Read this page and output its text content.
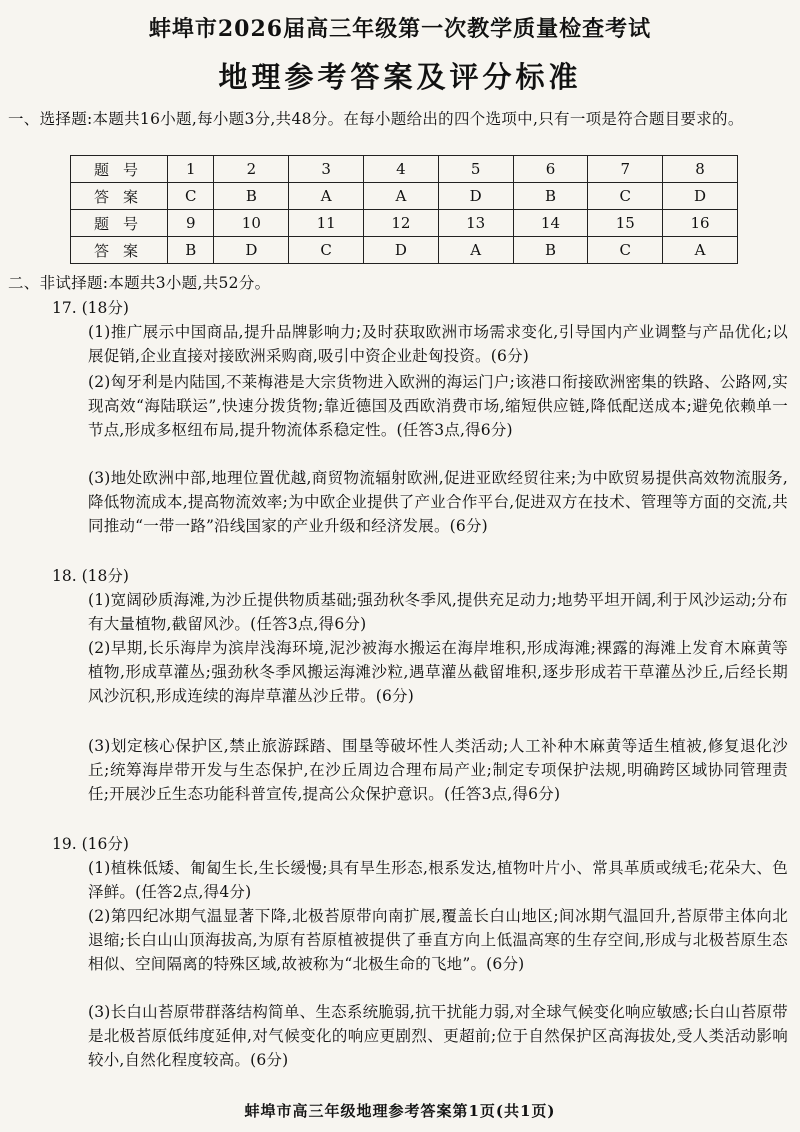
蚌埠市2026届高三年级第一次教学质量检查考试
地理参考答案及评分标准
一、选择题:本题共16小题,每小题3分,共48分。在每小题给出的四个选项中,只有一项是符合题目要求的。
题号	1	2	3	4	5	6	7	8
答案	C	B	A	A	D	B	C	D
题号	9	10	11	12	13	14	15	16
答案	B	D	C	D	A	B	C	A
二、非试择题:本题共3小题,共52分。
17. (18分)
(1)推广展示中国商品,提升品牌影响力;及时获取欧洲市场需求变化,引导国内产业调整与产品优化;以展促销,企业直接对接欧洲采购商,吸引中资企业赴匈投资。(6分)
(2)匈牙利是内陆国,不莱梅港是大宗货物进入欧洲的海运门户;该港口衔接欧洲密集的铁路、公路网,实现高效“海陆联运”,快速分拨货物;靠近德国及西欧消费市场,缩短供应链,降低配送成本;避免依赖单一节点,形成多枢纽布局,提升物流体系稳定性。(任答3点,得6分)
(3)地处欧洲中部,地理位置优越,商贸物流辐射欧洲,促进亚欧经贸往来;为中欧贸易提供高效物流服务,降低物流成本,提高物流效率;为中欧企业提供了产业合作平台,促进双方在技术、管理等方面的交流,共同推动“一带一路”沿线国家的产业升级和经济发展。(6分)
18. (18分)
(1)宽阔砂质海滩,为沙丘提供物质基础;强劲秋冬季风,提供充足动力;地势平坦开阔,利于风沙运动;分布有大量植物,截留风沙。(任答3点,得6分)
(2)早期,长乐海岸为滨岸浅海环境,泥沙被海水搬运在海岸堆积,形成海滩;裸露的海滩上发育木麻黄等植物,形成草灌丛;强劲秋冬季风搬运海滩沙粒,遇草灌丛截留堆积,逐步形成若干草灌丛沙丘,后经长期风沙沉积,形成连续的海岸草灌丛沙丘带。(6分)
(3)划定核心保护区,禁止旅游踩踏、围垦等破坏性人类活动;人工补种木麻黄等适生植被,修复退化沙丘;统筹海岸带开发与生态保护,在沙丘周边合理布局产业;制定专项保护法规,明确跨区域协同管理责任;开展沙丘生态功能科普宣传,提高公众保护意识。(任答3点,得6分)
19. (16分)
(1)植株低矮、匍匐生长,生长缓慢;具有旱生形态,根系发达,植物叶片小、常具革质或绒毛;花朵大、色泽鲜。(任答2点,得4分)
(2)第四纪冰期气温显著下降,北极苔原带向南扩展,覆盖长白山地区;间冰期气温回升,苔原带主体向北退缩;长白山山顶海拔高,为原有苔原植被提供了垂直方向上低温高寒的生存空间,形成与北极苔原生态相似、空间隔离的特殊区域,故被称为“北极生命的飞地”。(6分)
(3)长白山苔原带群落结构简单、生态系统脆弱,抗干扰能力弱,对全球气候变化响应敏感;长白山苔原带是北极苔原低纬度延伸,对气候变化的响应更剧烈、更超前;位于自然保护区高海拔处,受人类活动影响较小,自然化程度较高。(6分)
蚌埠市高三年级地理参考答案第1页(共1页)
